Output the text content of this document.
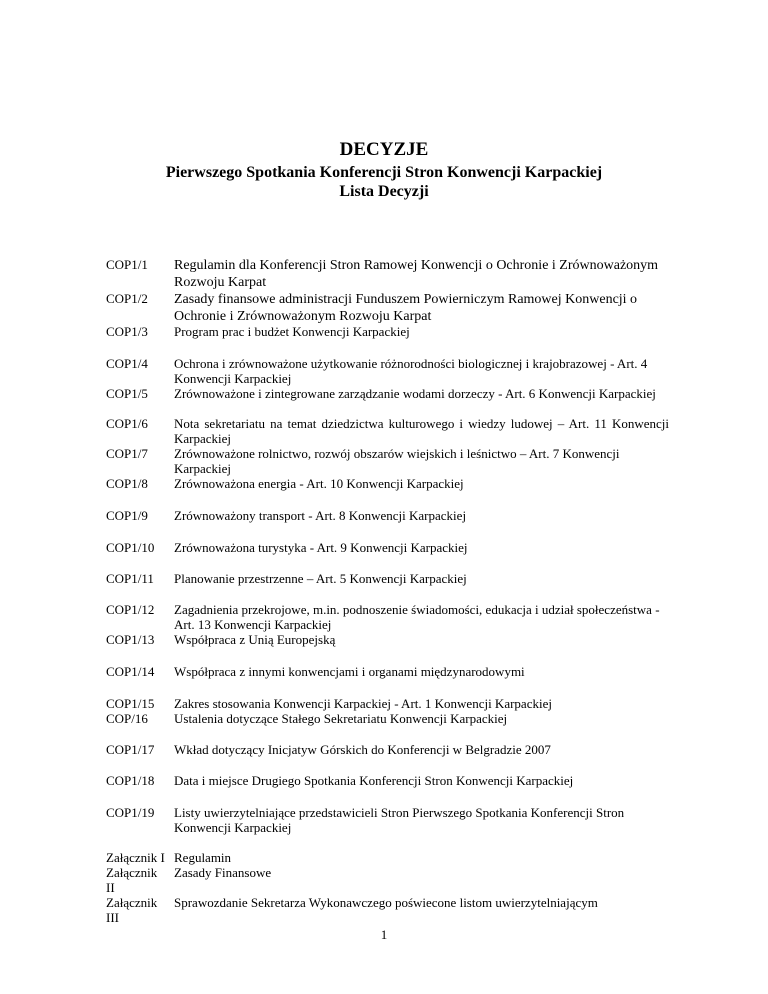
DECYZJE
Pierwszego Spotkania Konferencji Stron Konwencji Karpackiej
Lista Decyzji
COP1/1 Regulamin dla Konferencji Stron Ramowej Konwencji o Ochronie i Zrównoważonym Rozwoju Karpat
COP1/2 Zasady finansowe administracji Funduszem Powierniczym Ramowej Konwencji o Ochronie i Zrównoważonym Rozwoju Karpat
COP1/3 Program prac i budżet Konwencji Karpackiej
COP1/4 Ochrona i zrównoważone użytkowanie różnorodności biologicznej i krajobrazowej - Art. 4 Konwencji Karpackiej
COP1/5 Zrównoważone i zintegrowane zarządzanie wodami dorzeczy - Art. 6 Konwencji Karpackiej
COP1/6 Nota sekretariatu na temat dziedzictwa kulturowego i wiedzy ludowej – Art. 11 Konwencji Karpackiej
COP1/7 Zrównoważone rolnictwo, rozwój obszarów wiejskich i leśnictwo – Art. 7 Konwencji Karpackiej
COP1/8 Zrównoważona energia - Art. 10 Konwencji Karpackiej
COP1/9 Zrównoważony transport - Art. 8 Konwencji Karpackiej
COP1/10 Zrównoważona turystyka - Art. 9 Konwencji Karpackiej
COP1/11 Planowanie przestrzenne – Art. 5 Konwencji Karpackiej
COP1/12 Zagadnienia przekrojowe, m.in. podnoszenie świadomości, edukacja i udział społeczeństwa - Art. 13 Konwencji Karpackiej
COP1/13 Współpraca z Unią Europejską
COP1/14 Współpraca z innymi konwencjami i organami międzynarodowymi
COP1/15 Zakres stosowania Konwencji Karpackiej - Art. 1 Konwencji Karpackiej
COP/16 Ustalenia dotyczące Stałego Sekretariatu Konwencji Karpackiej
COP1/17 Wkład dotyczący Inicjatyw Górskich do Konferencji w Belgradzie 2007
COP1/18 Data i miejsce Drugiego Spotkania Konferencji Stron Konwencji Karpackiej
COP1/19 Listy uwierzytelniające przedstawicieli Stron Pierwszego Spotkania Konferencji Stron Konwencji Karpackiej
Załącznik I Regulamin
Załącznik II
Zasady Finansowe
Załącznik III
Sprawozdanie Sekretarza Wykonawczego poświecone listom uwierzytelniającym
1
